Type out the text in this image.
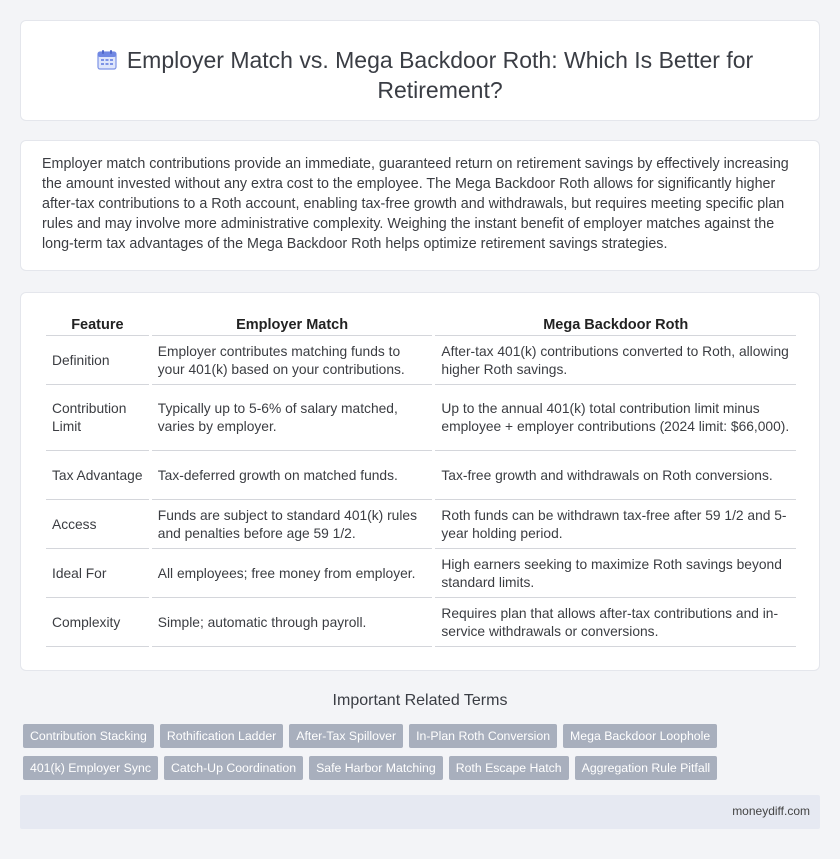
Employer Match vs. Mega Backdoor Roth: Which Is Better for Retirement?

Employer match contributions provide an immediate, guaranteed return on retirement savings by effectively increasing the amount invested without any extra cost to the employee. The Mega Backdoor Roth allows for significantly higher after-tax contributions to a Roth account, enabling tax-free growth and withdrawals, but requires meeting specific plan rules and may involve more administrative complexity. Weighing the instant benefit of employer matches against the long-term tax advantages of the Mega Backdoor Roth helps optimize retirement savings strategies.

Feature	Employer Match	Mega Backdoor Roth
Definition	Employer contributes matching funds to your 401(k) based on your contributions.	After-tax 401(k) contributions converted to Roth, allowing higher Roth savings.
Contribution Limit	Typically up to 5-6% of salary matched, varies by employer.	Up to the annual 401(k) total contribution limit minus employee + employer contributions (2024 limit: $66,000).
Tax Advantage	Tax-deferred growth on matched funds.	Tax-free growth and withdrawals on Roth conversions.
Access	Funds are subject to standard 401(k) rules and penalties before age 59 1/2.	Roth funds can be withdrawn tax-free after 59 1/2 and 5-year holding period.
Ideal For	All employees; free money from employer.	High earners seeking to maximize Roth savings beyond standard limits.
Complexity	Simple; automatic through payroll.	Requires plan that allows after-tax contributions and in-service withdrawals or conversions.
Important Related Terms
Contribution Stacking	Rothification Ladder	After-Tax Spillover	In-Plan Roth Conversion	Mega Backdoor Loophole
401(k) Employer Sync	Catch-Up Coordination	Safe Harbor Matching	Roth Escape Hatch	Aggregation Rule Pitfall
moneydiff.com
